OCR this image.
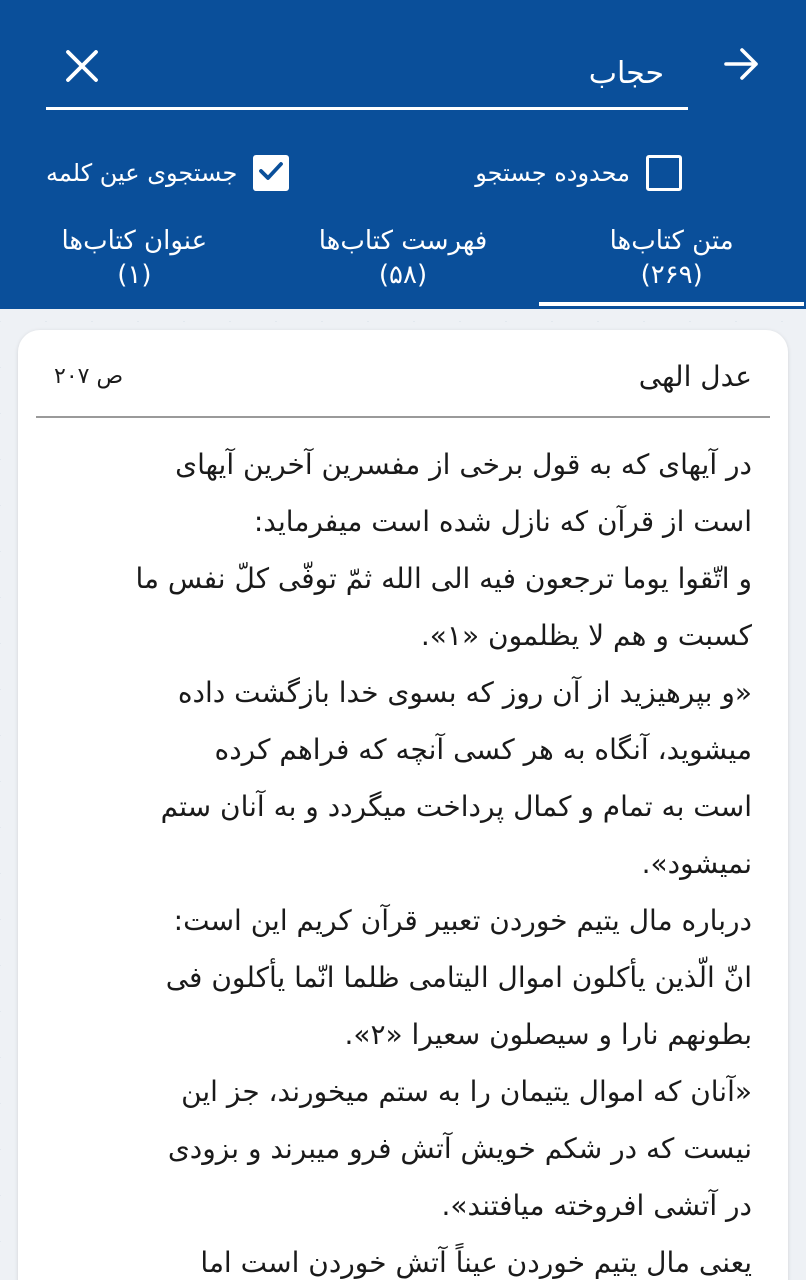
حجاب
محدوده جستجو
جستجوی عین کلمه
متن کتاب‌ها
(۲۶۹)
فهرست کتاب‌ها
(۵۸)
عنوان کتاب‌ها
(۱)
عدل الهی
ص ۲۰۷
در آیهای که به قول برخی از مفسرین آخرین آیهای
است از قرآن که نازل شده است میفرماید:
و اتّقوا یوما ترجعون فیه الی الله ثمّ توفّی کلّ نفس ما
کسبت و هم لا یظلمون «۱».
«و بپرهیزید از آن روز که بسوی خدا بازگشت داده
میشوید، آنگاه به هر کسی آنچه که فراهم کرده
است به تمام و کمال پرداخت میگردد و به آنان ستم
نمیشود».
درباره مال یتیم خوردن تعبیر قرآن کریم این است:
انّ الّذین یأکلون اموال الیتامی ظلما انّما یأکلون فی
بطونهم نارا و سیصلون سعیرا «۲».
«آنان که اموال یتیمان را به ستم میخورند، جز این
نیست که در شکم خویش آتش فرو میبرند و بزودی
در آتشی افروخته میافتند».
یعنی مال یتیم خوردن عیناً آتش خوردن است اما
